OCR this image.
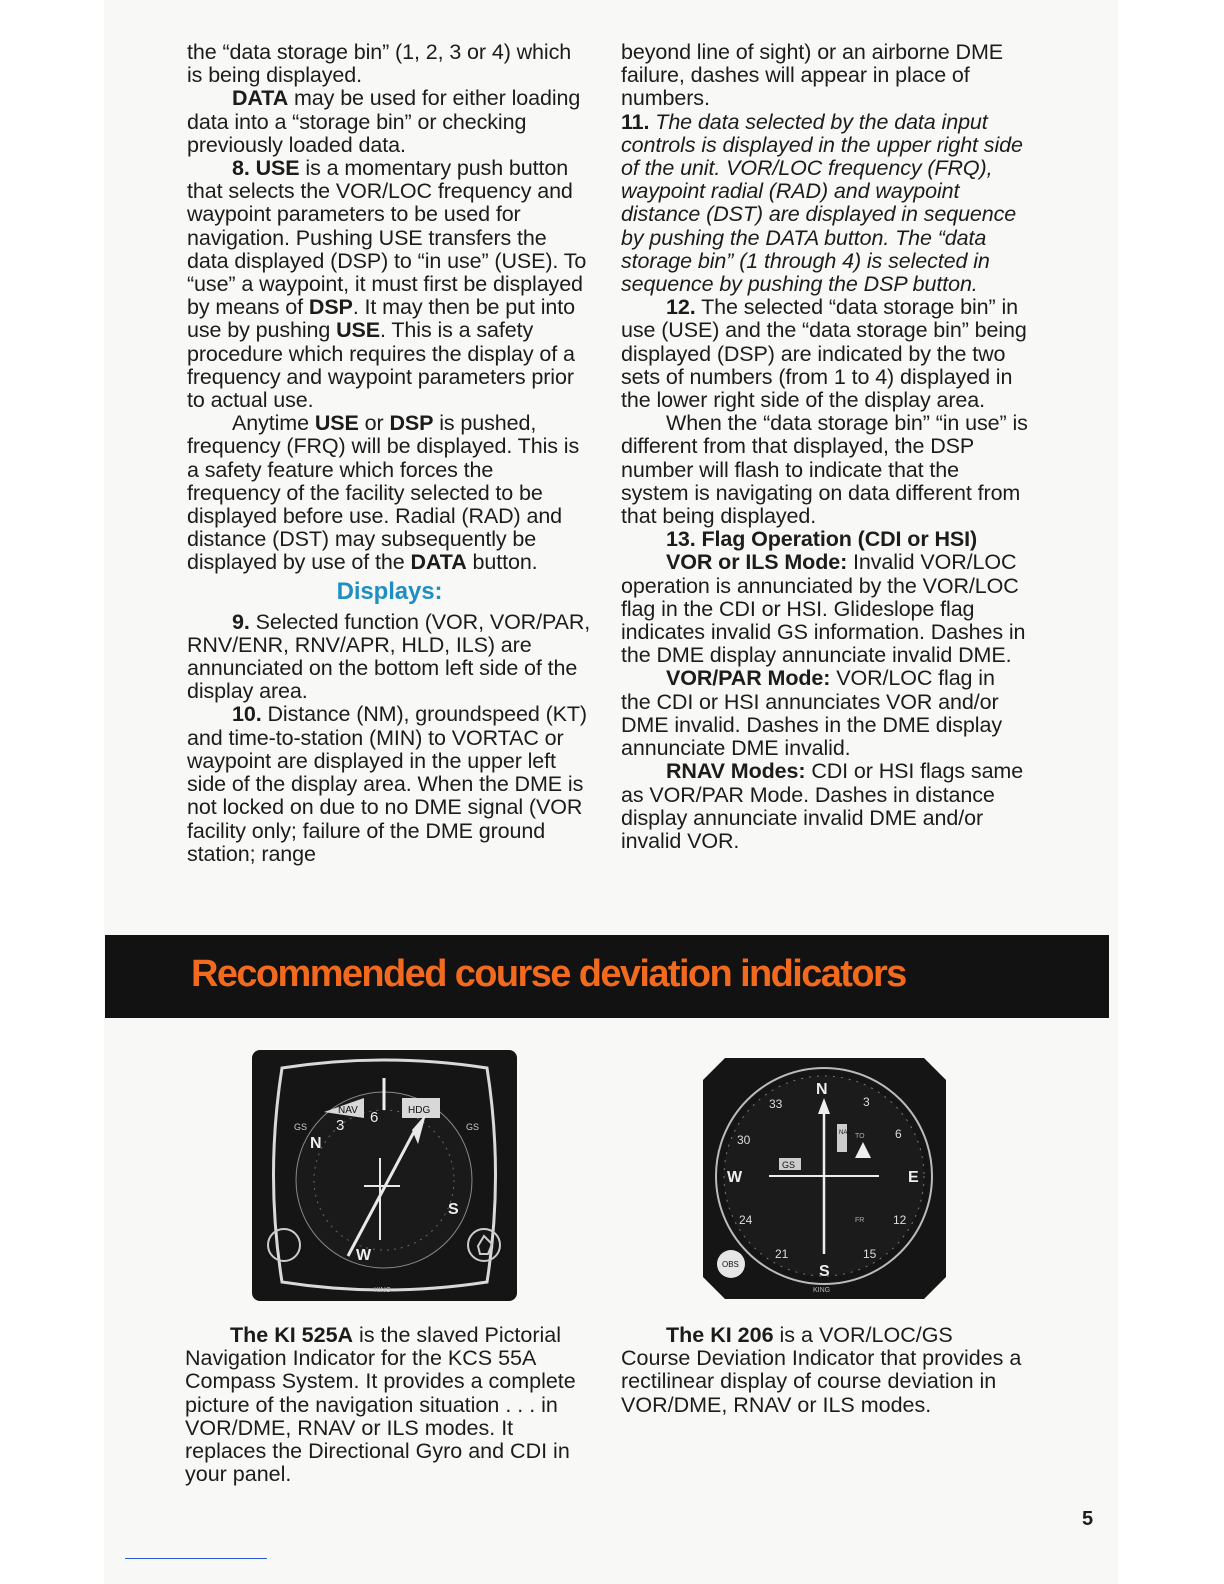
the “data storage bin” (1, 2, 3 or 4) which is being displayed.

DATA may be used for either loading data into a “storage bin” or checking previously loaded data.

8. USE is a momentary push button that selects the VOR/LOC frequency and waypoint parameters to be used for navigation. Pushing USE transfers the data displayed (DSP) to “in use” (USE). To “use” a waypoint, it must first be displayed by means of DSP. It may then be put into use by pushing USE. This is a safety procedure which requires the display of a frequency and waypoint parameters prior to actual use.

Anytime USE or DSP is pushed, frequency (FRQ) will be displayed. This is a safety feature which forces the frequency of the facility selected to be displayed before use. Radial (RAD) and distance (DST) may subsequently be displayed by use of the DATA button.

Displays:

9. Selected function (VOR, VOR/PAR, RNV/ENR, RNV/APR, HLD, ILS) are annunciated on the bottom left side of the display area.

10. Distance (NM), groundspeed (KT) and time-to-station (MIN) to VORTAC or waypoint are displayed in the upper left side of the display area. When the DME is not locked on due to no DME signal (VOR facility only; failure of the DME ground station; range

beyond line of sight) or an airborne DME failure, dashes will appear in place of numbers.

11. The data selected by the data input controls is displayed in the upper right side of the unit. VOR/LOC frequency (FRQ), waypoint radial (RAD) and waypoint distance (DST) are displayed in sequence by pushing the DATA button. The “data storage bin” (1 through 4) is selected in sequence by pushing the DSP button.

12. The selected “data storage bin” in use (USE) and the “data storage bin” being displayed (DSP) are indicated by the two sets of numbers (from 1 to 4) displayed in the lower right side of the display area.

When the “data storage bin” “in use” is different from that displayed, the DSP number will flash to indicate that the system is navigating on data different from that being displayed.

13. Flag Operation (CDI or HSI)

VOR or ILS Mode: Invalid VOR/LOC operation is annunciated by the VOR/LOC flag in the CDI or HSI. Glideslope flag indicates invalid GS information. Dashes in the DME display annunciate invalid DME.

VOR/PAR Mode: VOR/LOC flag in the CDI or HSI annunciates VOR and/or DME invalid. Dashes in the DME display annunciate DME invalid.

RNAV Modes: CDI or HSI flags same as VOR/PAR Mode. Dashes in distance display annunciate invalid DME and/or invalid VOR.

Recommended course deviation indicators
NAV	HDG
GS	GS
N
3 6
W
S
KING
N
E
S
W
33
30
24
21	15
12
6
3
GS
NAV TO
FR
OBS
KING

The KI 525A is the slaved Pictorial Navigation Indicator for the KCS 55A Compass System. It provides a complete picture of the navigation situation . . . in VOR/DME, RNAV or ILS modes. It replaces the Directional Gyro and CDI in your panel.

The KI 206 is a VOR/LOC/GS Course Deviation Indicator that provides a rectilinear display of course deviation in VOR/DME, RNAV or ILS modes.

5
